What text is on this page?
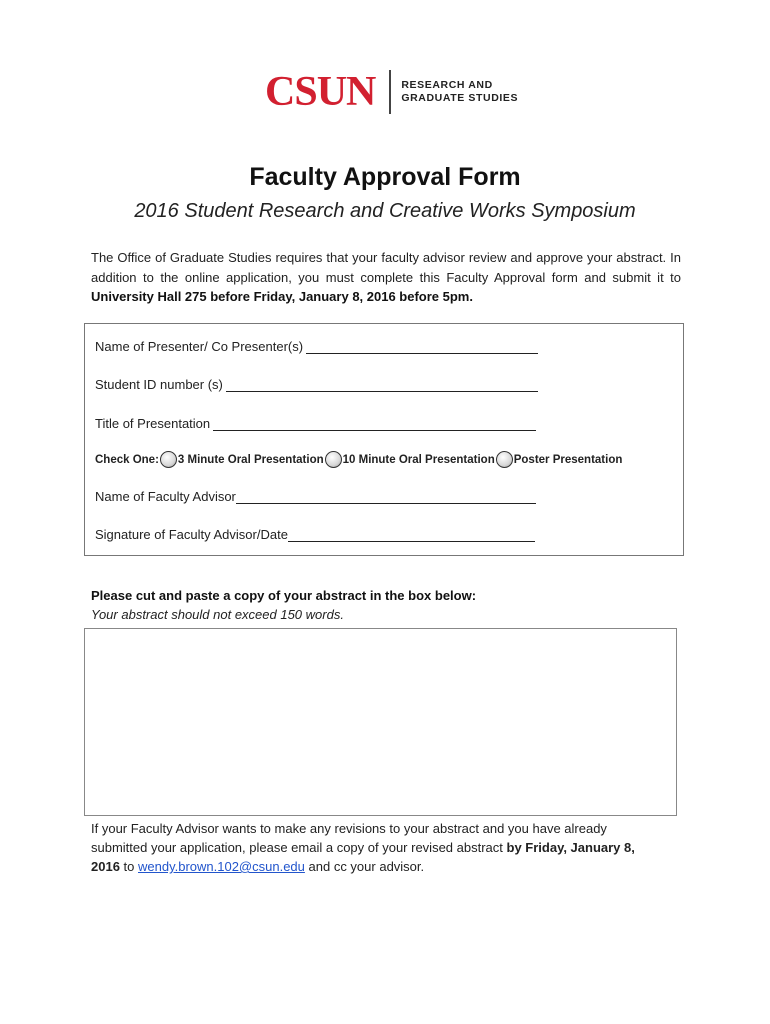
CSUN RESEARCH AND
GRADUATE STUDIES
Faculty Approval Form
2016 Student Research and Creative Works Symposium
The Office of Graduate Studies requires that your faculty advisor review and approve your abstract. In addition to the online application, you must complete this Faculty Approval form and submit it to University Hall 275 before Friday, January 8, 2016 before 5pm.
Name of Presenter/ Co Presenter(s)
Student ID number (s)
Title of Presentation
Check One: 3 Minute Oral Presentation 10 Minute Oral Presentation Poster Presentation
Name of Faculty Advisor
Signature of Faculty Advisor/Date
Please cut and paste a copy of your abstract in the box below:
Your abstract should not exceed 150 words.
If your Faculty Advisor wants to make any revisions to your abstract and you have already submitted your application, please email a copy of your revised abstract by Friday, January 8, 2016 to wendy.brown.102@csun.edu and cc your advisor.
